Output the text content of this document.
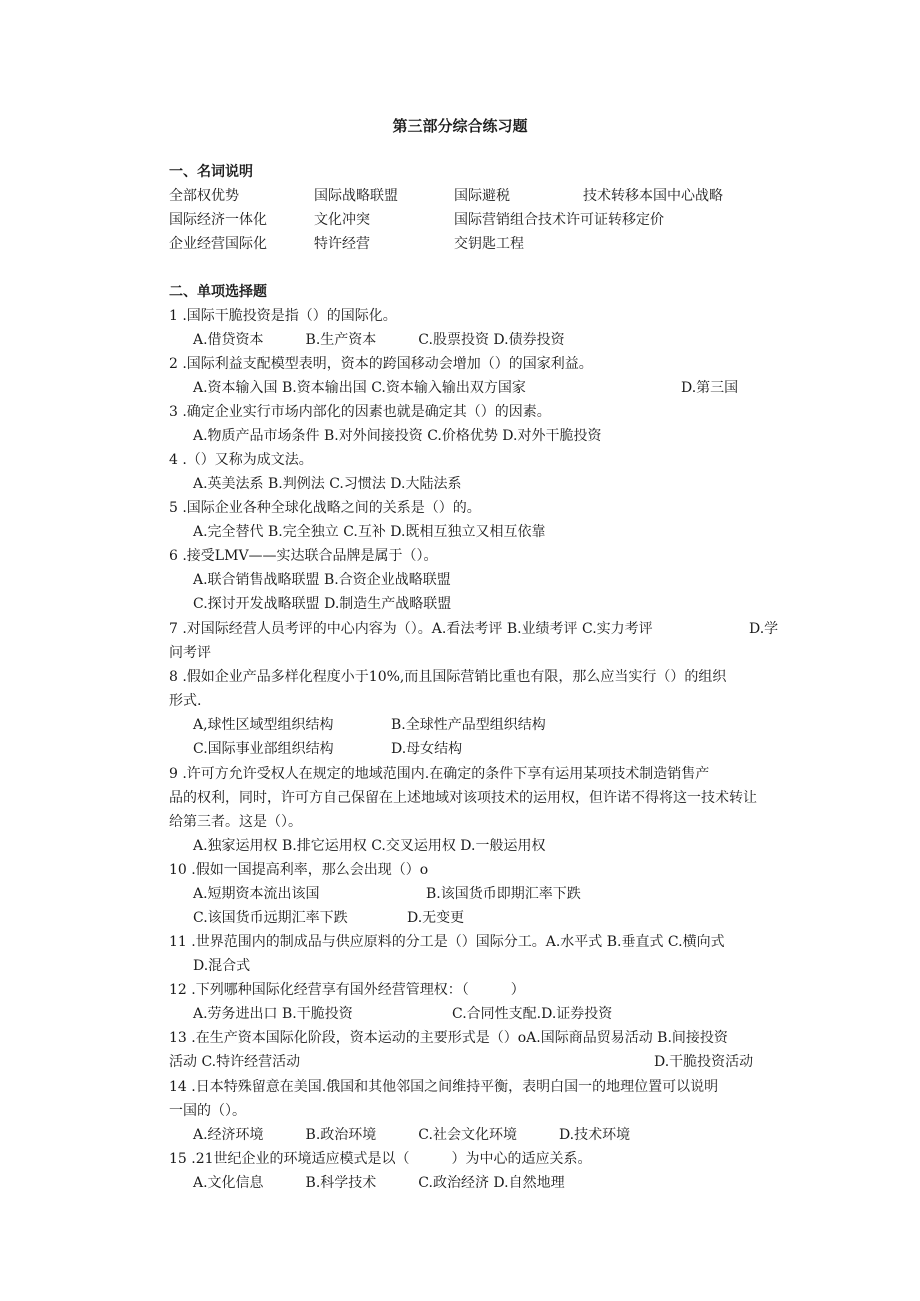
第三部分综合练习题
一、名词说明
全部权优势	国际战略联盟	国际避税	技术转移本国中心战略
国际经济一体化	文化冲突	国际营销组合技术许可证转移定价
企业经营国际化	特许经营	交钥匙工程
二、单项选择题
1 .国际干脆投资是指（）的国际化。
A.借贷资本　　　B.生产资本　　　C.股票投资 D.债券投资
2 .国际利益支配模型表明，资本的跨国移动会增加（）的国家利益。
A.资本输入国 B.资本输出国 C.资本输入输出双方国家	D.第三国
3 .确定企业实行市场内部化的因素也就是确定其（）的因素。
A.物质产品市场条件 B.对外间接投资 C.价格优势 D.对外干脆投资
4 .（）又称为成文法。
A.英美法系 B.判例法 C.习惯法 D.大陆法系
5 .国际企业各种全球化战略之间的关系是（）的。
A.完全替代 B.完全独立 C.互补 D.既相互独立又相互依靠
6 .接受LMV——实达联合品牌是属于（）。
A.联合销售战略联盟 B.合资企业战略联盟
C.探讨开发战略联盟 D.制造生产战略联盟
7 .对国际经营人员考评的中心内容为（）。A.看法考评 B.业绩考评 C.实力考评	D.学
问考评
8 .假如企业产品多样化程度小于10%,而且国际营销比重也有限，那么应当实行（）的组织
形式.
A,球性区域型组织结构	B.全球性产品型组织结构
C.国际事业部组织结构	D.母女结构
9 .许可方允许受权人在规定的地域范围内.在确定的条件下享有运用某项技术制造销售产
品的权利，同时，许可方自己保留在上述地域对该项技术的运用权，但许诺不得将这一技术转让
给第三者。这是（）。
A.独家运用权 B.排它运用权 C.交叉运用权 D.一般运用权
10 .假如一国提高利率，那么会出现（）o
A.短期资本流出该国	B.该国货币即期汇率下跌
C.该国货币远期汇率下跌	D.无变更
11 .世界范围内的制成品与供应原料的分工是（）国际分工。A.水平式 B.垂直式 C.横向式
D.混合式
12 .下列哪种国际化经营享有国外经营管理权：（　　　）
A.劳务进出口 B.干脆投资	C.合同性支配.D.证券投资
13 .在生产资本国际化阶段，资本运动的主要形式是（）oA.国际商品贸易活动 B.间接投资
活动 C.特许经营活动	D.干脆投资活动
14 .日本特殊留意在美国.俄国和其他邻国之间维持平衡，表明白国一的地理位置可以说明
一国的（）。
A.经济环境　　　B.政治环境　　　C.社会文化环境　　　D.技术环境
15 .21世纪企业的环境适应模式是以（　　　）为中心的适应关系。
A.文化信息　　　B.科学技术　　　C.政治经济 D.自然地理
